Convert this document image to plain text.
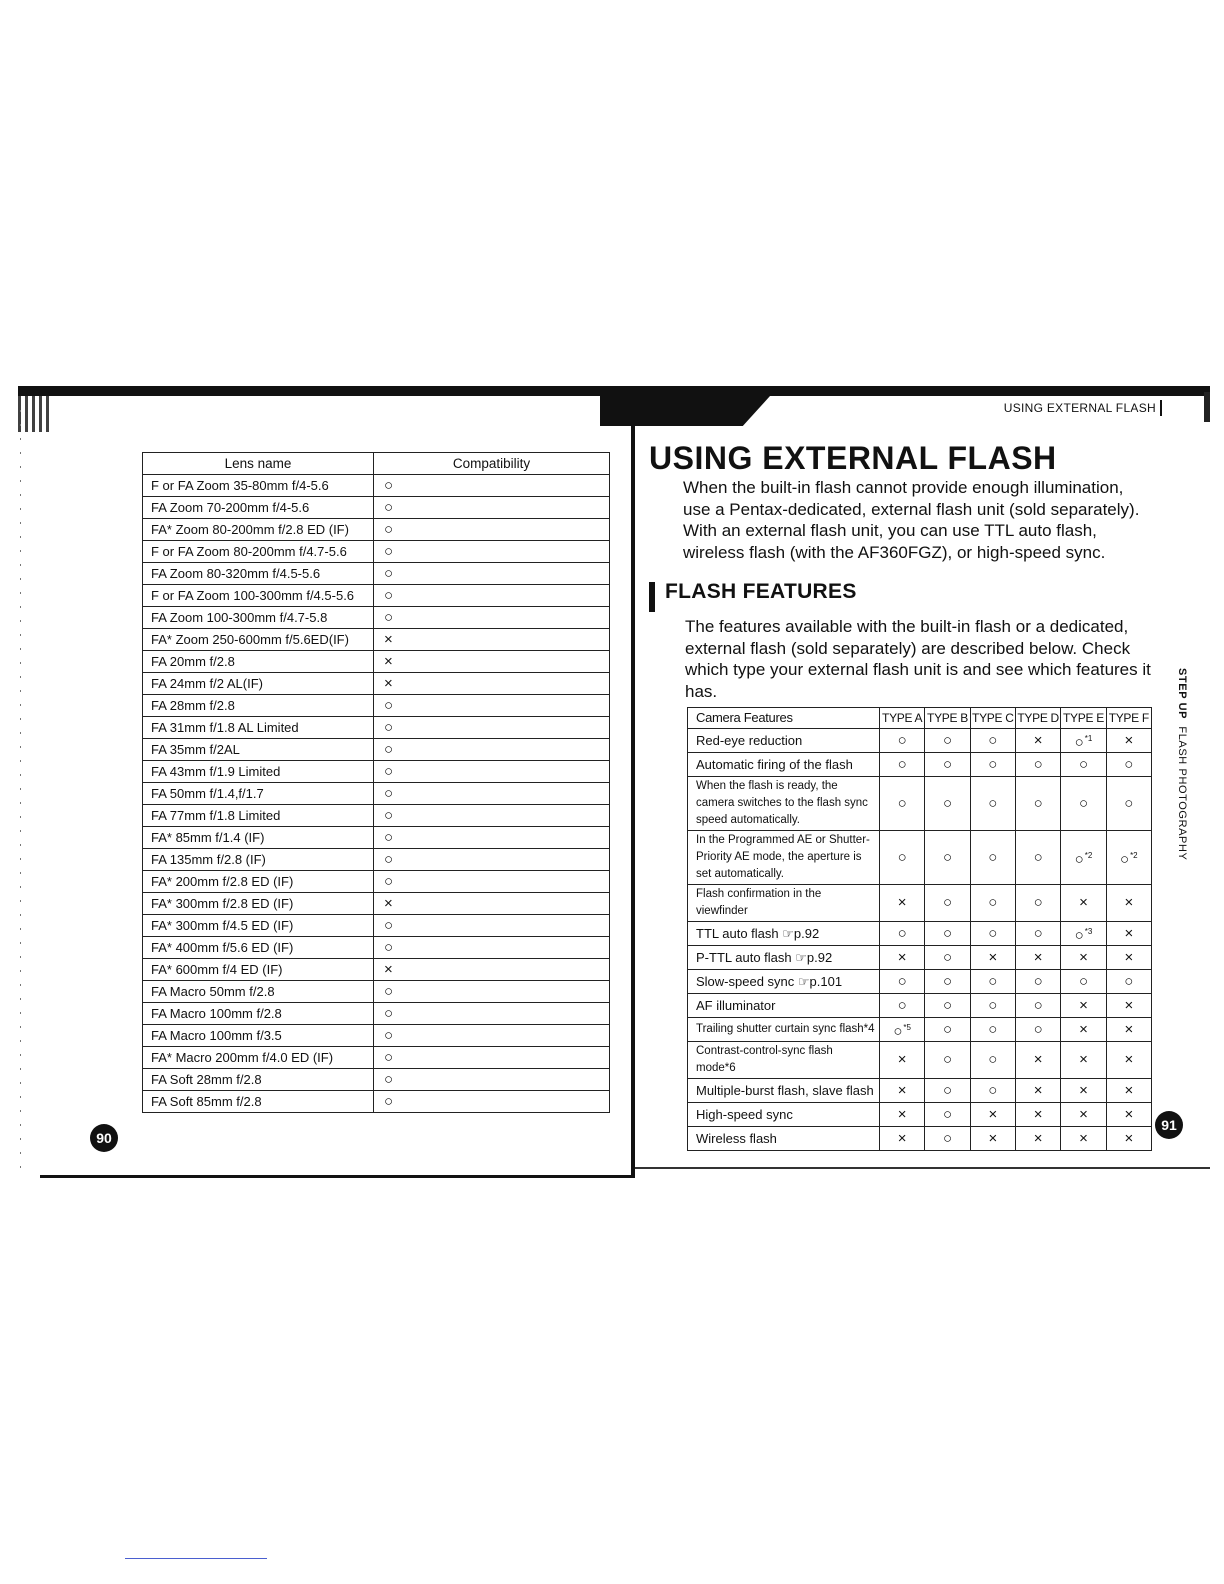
USING EXTERNAL FLASH
Lens name	Compatibility
F or FA Zoom 35-80mm f/4-5.6	○
FA Zoom 70-200mm f/4-5.6	○
FA* Zoom 80-200mm f/2.8 ED (IF)	○
F or FA Zoom 80-200mm f/4.7-5.6	○
FA Zoom 80-320mm f/4.5-5.6	○
F or FA Zoom 100-300mm f/4.5-5.6	○
FA Zoom 100-300mm f/4.7-5.8	○
FA* Zoom 250-600mm f/5.6ED(IF)	×
FA 20mm f/2.8	×
FA 24mm f/2 AL(IF)	×
FA 28mm f/2.8	○
FA 31mm f/1.8 AL Limited	○
FA 35mm f/2AL	○
FA 43mm f/1.9 Limited	○
FA 50mm f/1.4,f/1.7	○
FA 77mm f/1.8 Limited	○
FA* 85mm f/1.4 (IF)	○
FA 135mm f/2.8 (IF)	○
FA* 200mm f/2.8 ED (IF)	○
FA* 300mm f/2.8 ED (IF)	×
FA* 300mm f/4.5 ED (IF)	○
FA* 400mm f/5.6 ED (IF)	○
FA* 600mm f/4 ED (IF)	×
FA Macro 50mm f/2.8	○
FA Macro 100mm f/2.8	○
FA Macro 100mm f/3.5	○
FA* Macro 200mm f/4.0 ED (IF)	○
FA Soft 28mm f/2.8	○
FA Soft 85mm f/2.8	○
90
USING EXTERNAL FLASH

When the built-in flash cannot provide enough illumination, use a Pentax-dedicated, external flash unit (sold separately). With an external flash unit, you can use TTL auto flash, wireless flash (with the AF360FGZ), or high-speed sync.

FLASH FEATURES

The features available with the built-in flash or a dedicated, external flash (sold separately) are described below. Check which type your external flash unit is and see which features it has.

Camera Features	TYPE A	TYPE B	TYPE C	TYPE D	TYPE E	TYPE F
Red-eye reduction	○	○	○	×	○$^{*1}$	×
Automatic firing of the flash	○	○	○	○	○	○
When the flash is ready, the camera switches to the flash sync speed automatically.	○	○	○	○	○	○
In the Programmed AE or Shutter-Priority AE mode, the aperture is set automatically.	○	○	○	○	○$^{*2}$	○$^{*2}$
Flash confirmation in the viewfinder	×	○	○	○	×	×
TTL auto flash ☞p.92	○	○	○	○	○$^{*3}$	×
P-TTL auto flash ☞p.92	×	○	×	×	×	×
Slow-speed sync ☞p.101	○	○	○	○	○	○
AF illuminator	○	○	○	○	×	×
Trailing shutter curtain sync flash*4	○$^{*5}$	○	○	○	×	×
Contrast-control-sync flash mode*6	×	○	○	×	×	×
Multiple-burst flash, slave flash	×	○	○	×	×	×
High-speed sync	×	○	×	×	×	×
Wireless flash	×	○	×	×	×	×
STEP UP  FLASH PHOTOGRAPHY
91
